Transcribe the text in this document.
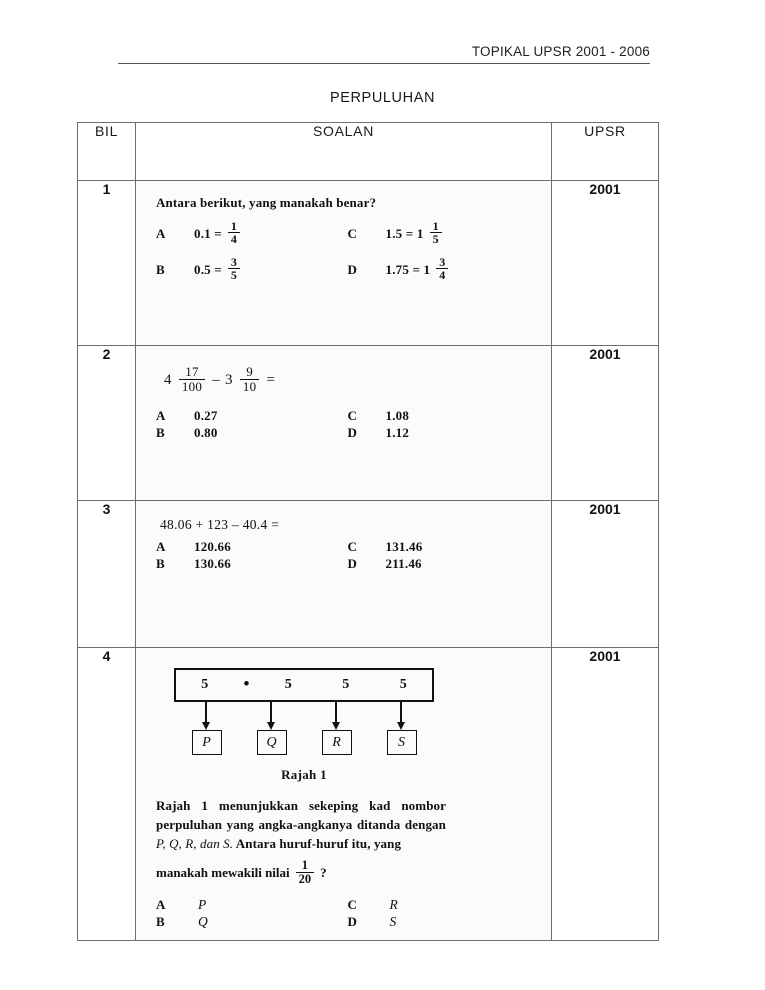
TOPIKAL UPSR 2001 - 2006
PERPULUHAN
BIL	SOALAN	UPSR
1	

Antara berikut, yang manakah benar?

A	$0.1 = \frac{1}{4}$	C	$1.5 = 1 \frac{1}{5}$
B	$0.5 = \frac{3}{5}$	D	$1.75 = 1 \frac{3}{4}$
	2001
2	
$4 \frac{17}{100} - 3 \frac{9}{10}$ =
A	0.27	C	1.08
B	0.80	D	1.12
	2001
3	
48.06 + 123 – 40.4 =
A	120.66	C	131.46
B	130.66	D	211.46
	2001
4	
5	•	5	5	5
P	Q	R	S
Rajah 1

Rajah 1 menunjukkan sekeping kad nombor perpuluhan yang angka-angkanya ditanda dengan P, Q, R, dan S. Antara huruf-huruf itu, yang

manakah mewakili nilai $\frac{1}{20}$ ?
A	P	C	R
B	Q	D	S
	2001
